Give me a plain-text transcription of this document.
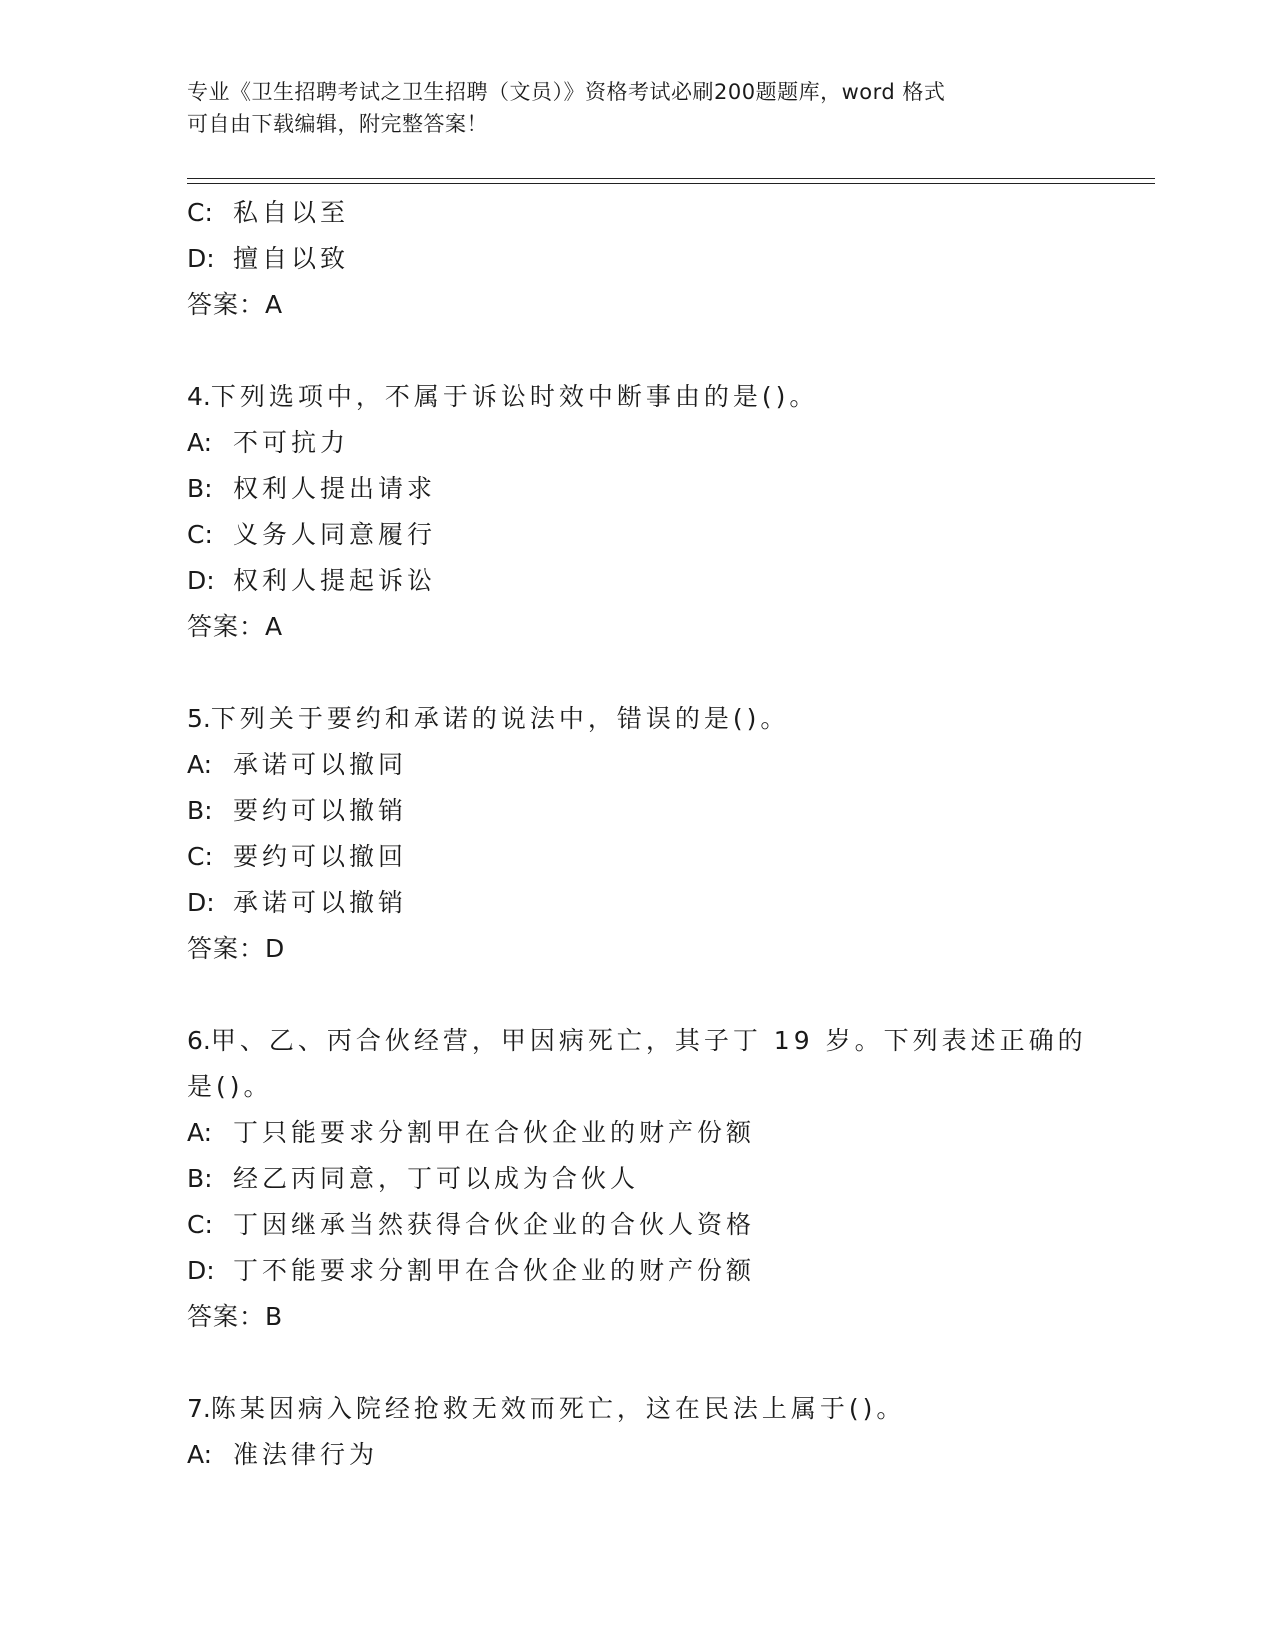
专业《卫生招聘考试之卫生招聘（文员）》资格考试必刷200题题库，word 格式
可自由下载编辑，附完整答案！
C: 私自以至
D: 擅自以致
答案：A
4.下列选项中，不属于诉讼时效中断事由的是()。
A: 不可抗力
B: 权利人提出请求
C: 义务人同意履行
D: 权利人提起诉讼
答案：A
5.下列关于要约和承诺的说法中，错误的是()。
A: 承诺可以撤同
B: 要约可以撤销
C: 要约可以撤回
D: 承诺可以撤销
答案：D
6.甲、乙、丙合伙经营，甲因病死亡，其子丁 19 岁。下列表述正确的
是()。
A: 丁只能要求分割甲在合伙企业的财产份额
B: 经乙丙同意，丁可以成为合伙人
C: 丁因继承当然获得合伙企业的合伙人资格
D: 丁不能要求分割甲在合伙企业的财产份额
答案：B
7.陈某因病入院经抢救无效而死亡，这在民法上属于()。
A: 准法律行为
